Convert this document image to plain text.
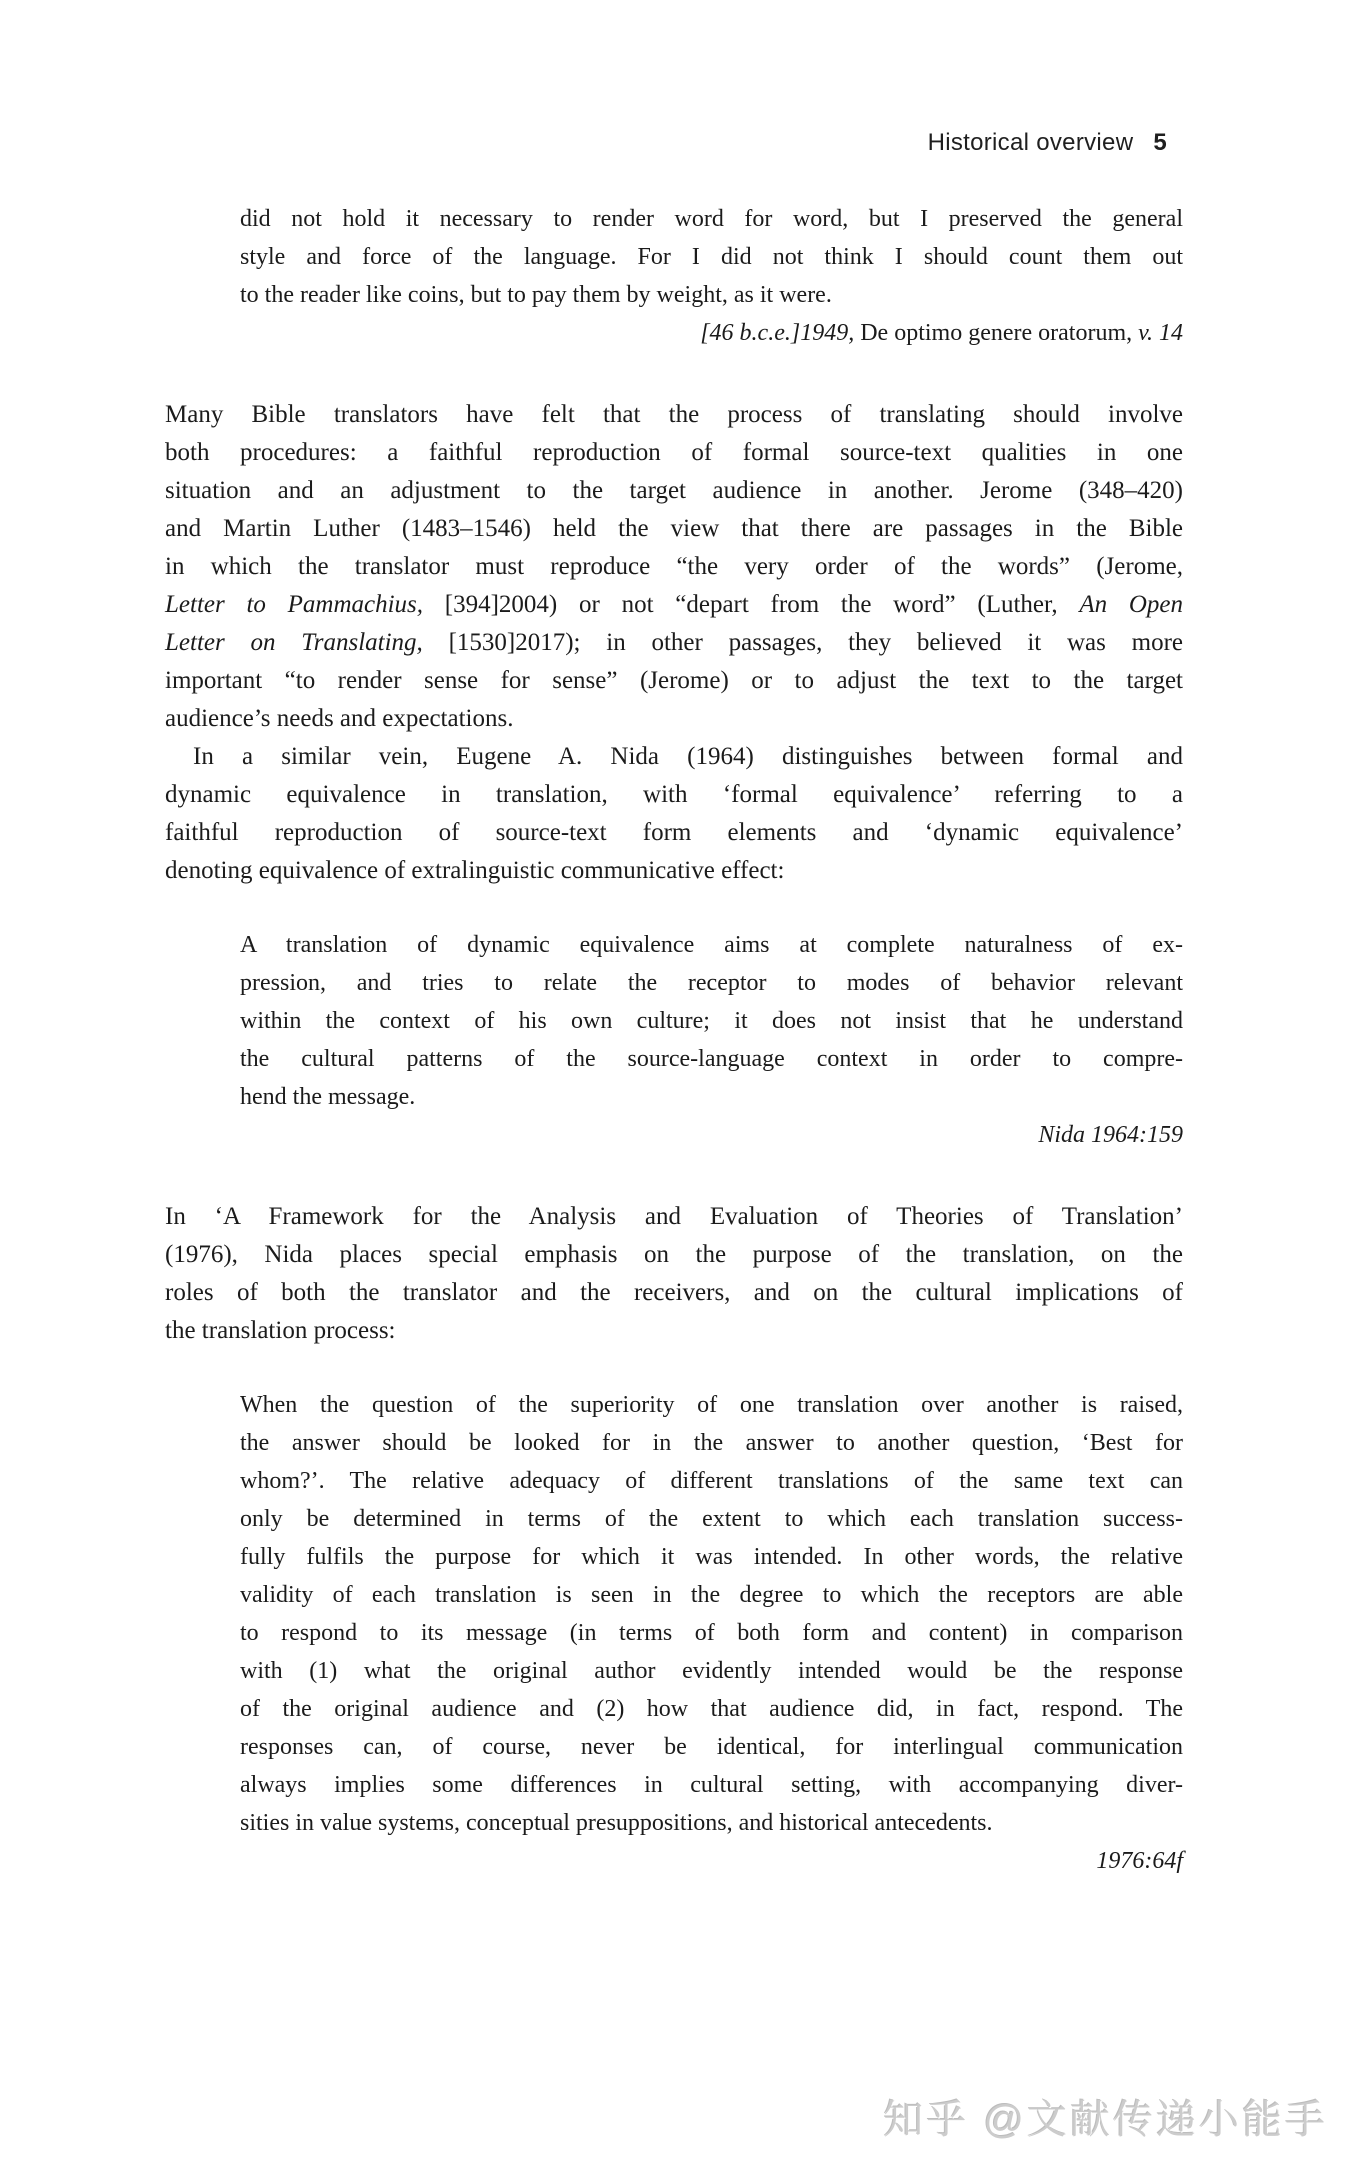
Historical overview 5
did not hold it necessary to render word for word, but I preserved the general
style and force of the language. For I did not think I should count them out
to the reader like coins, but to pay them by weight, as it were.
[46 b.c.e.]1949, De optimo genere oratorum, v. 14
Many Bible translators have felt that the process of translating should involve
both procedures: a faithful reproduction of formal source-text qualities in one
situation and an adjustment to the target audience in another. Jerome (348–420)
and Martin Luther (1483–1546) held the view that there are passages in the Bible
in which the translator must reproduce “the very order of the words” (Jerome,
Letter to Pammachius, [394]2004) or not “depart from the word” (Luther, An Open
Letter on Translating, [1530]2017); in other passages, they believed it was more
important “to render sense for sense” (Jerome) or to adjust the text to the target
audience’s needs and expectations.
In a similar vein, Eugene A. Nida (1964) distinguishes between formal and
dynamic equivalence in translation, with ‘formal equivalence’ referring to a
faithful reproduction of source-text form elements and ‘dynamic equivalence’
denoting equivalence of extralinguistic communicative effect:
A translation of dynamic equivalence aims at complete naturalness of ex-
pression, and tries to relate the receptor to modes of behavior relevant
within the context of his own culture; it does not insist that he understand
the cultural patterns of the source-language context in order to compre-
hend the message.
Nida 1964:159
In ‘A Framework for the Analysis and Evaluation of Theories of Translation’
(1976), Nida places special emphasis on the purpose of the translation, on the
roles of both the translator and the receivers, and on the cultural implications of
the translation process:
When the question of the superiority of one translation over another is raised,
the answer should be looked for in the answer to another question, ‘Best for
whom?’. The relative adequacy of different translations of the same text can
only be determined in terms of the extent to which each translation success-
fully fulfils the purpose for which it was intended. In other words, the relative
validity of each translation is seen in the degree to which the receptors are able
to respond to its message (in terms of both form and content) in comparison
with (1) what the original author evidently intended would be the response
of the original audience and (2) how that audience did, in fact, respond. The
responses can, of course, never be identical, for interlingual communication
always implies some differences in cultural setting, with accompanying diver-
sities in value systems, conceptual presuppositions, and historical antecedents.
1976:64f
知乎 @文献传递小能手
